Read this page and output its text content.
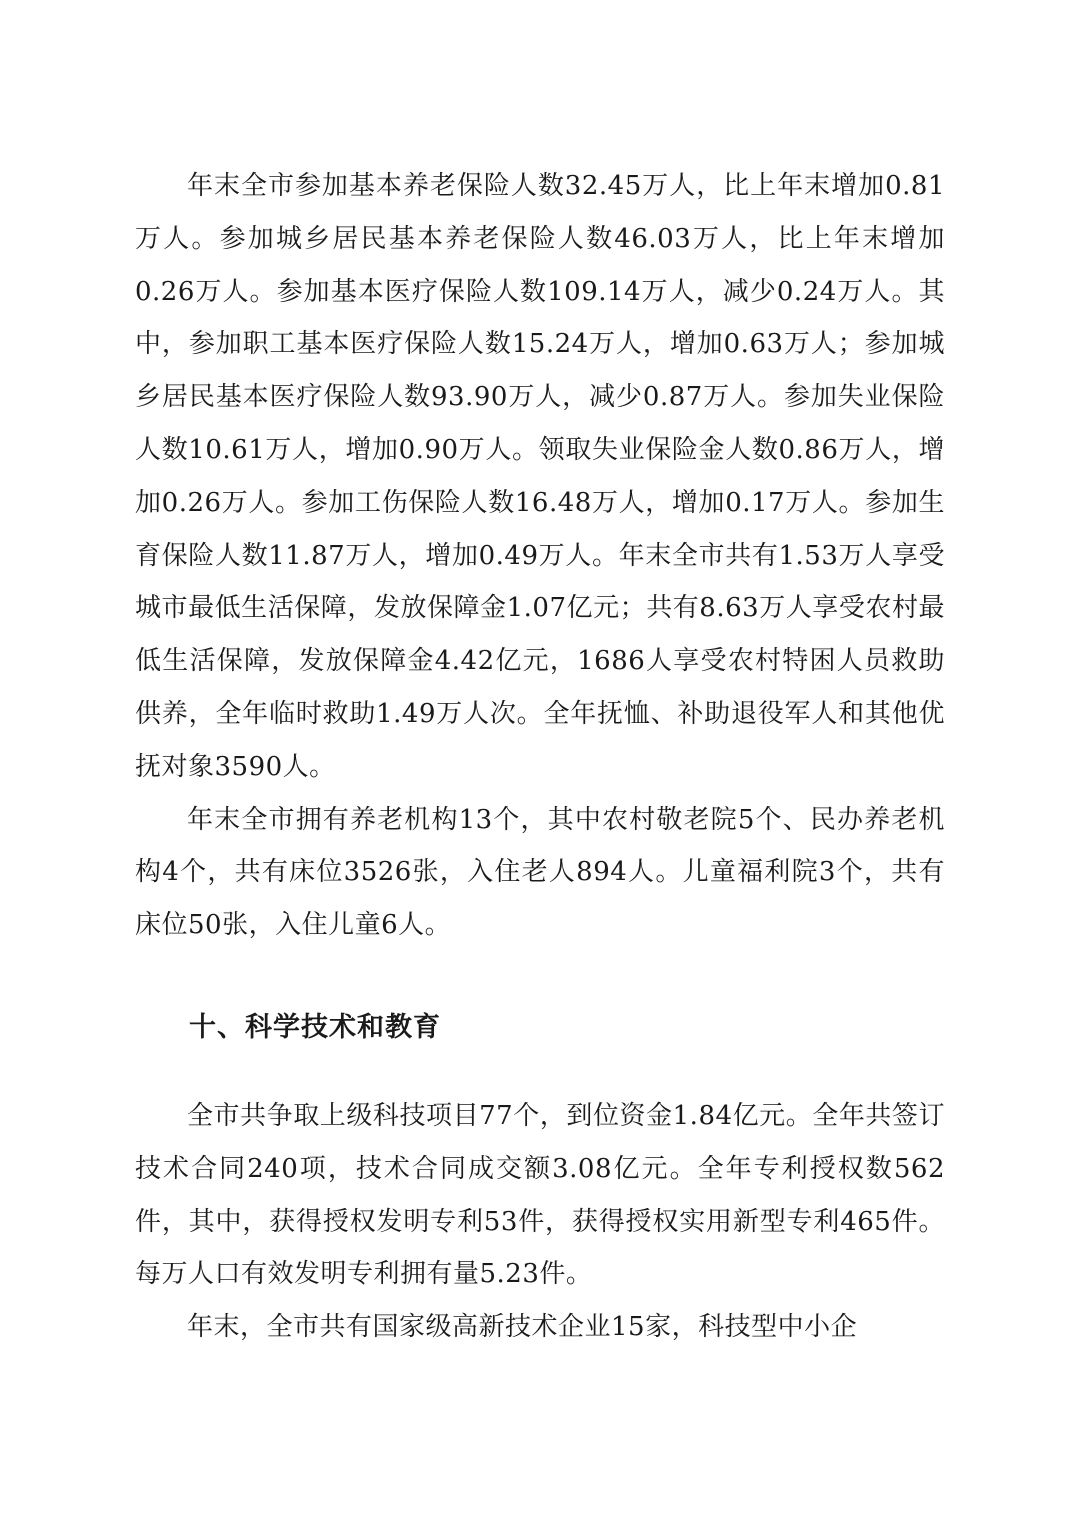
年末全市参加基本养老保险人数32.45万人，比上年末增加0.81万人。参加城乡居民基本养老保险人数46.03万人，比上年末增加0.26万人。参加基本医疗保险人数109.14万人，减少0.24万人。其中，参加职工基本医疗保险人数15.24万人，增加0.63万人；参加城乡居民基本医疗保险人数93.90万人，减少0.87万人。参加失业保险人数10.61万人，增加0.90万人。领取失业保险金人数0.86万人，增加0.26万人。参加工伤保险人数16.48万人，增加0.17万人。参加生育保险人数11.87万人，增加0.49万人。年末全市共有1.53万人享受城市最低生活保障，发放保障金1.07亿元；共有8.63万人享受农村最低生活保障，发放保障金4.42亿元，1686人享受农村特困人员救助供养，全年临时救助1.49万人次。全年抚恤、补助退役军人和其他优抚对象3590人。

年末全市拥有养老机构13个，其中农村敬老院5个、民办养老机构4个，共有床位3526张，入住老人894人。儿童福利院3个，共有床位50张，入住儿童6人。

十、科学技术和教育

全市共争取上级科技项目77个，到位资金1.84亿元。全年共签订技术合同240项，技术合同成交额3.08亿元。全年专利授权数562件，其中，获得授权发明专利53件，获得授权实用新型专利465件。每万人口有效发明专利拥有量5.23件。

年末，全市共有国家级高新技术企业15家，科技型中小企
